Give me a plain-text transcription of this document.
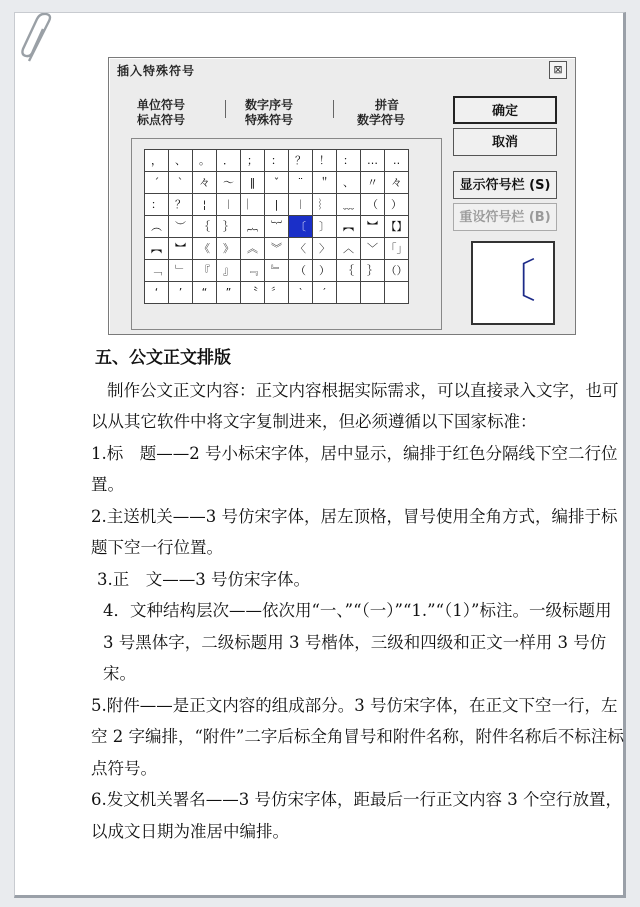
插入特殊符号	⊠
单位符号
标点符号
数字序号
特殊符号
拼音
数学符号
，	、	。	．	；	：	？	！	：	…	‥
´	ˋ	々	～	‖	ˇ	¨	＂	、	〃	々
：	？	¦	︱	︳	|	︱	︴	﹏	（	）
︵	︶	｛	｝	︷	︸	〔	〕	︻	︼ 【】
︻	︼	《	》	︽	︾	〈	〉	︿	﹀ 「」
﹁	﹂	『	』	﹃	﹄	（	）	｛	｝ （）
‘	’	“	”	〝	〞	‵	′
确定
取消
显示符号栏 (S)
重设符号栏 (B)
〔

五、公文正文排版

制作公文正文内容：正文内容根据实际需求，可以直接录入文字，也可以从其它软件中将文字复制进来，但必须遵循以下国家标准：

1.标　题——2 号小标宋字体，居中显示，编排于红色分隔线下空二行位置。

2.主送机关——3 号仿宋字体，居左顶格，冒号使用全角方式，编排于标题下空一行位置。

3.正　文——3 号仿宋字体。

4．文种结构层次——依次用“一、”“（一）”“1.”“（1）”标注。一级标题用 3 号黑体字，二级标题用 3 号楷体，三级和四级和正文一样用 3 号仿宋。

5.附件——是正文内容的组成部分。3 号仿宋字体，在正文下空一行，左空 2 字编排，“附件”二字后标全角冒号和附件名称，附件名称后不标注标点符号。

6.发文机关署名——3 号仿宋字体，距最后一行正文内容 3 个空行放置，以成文日期为准居中编排。
